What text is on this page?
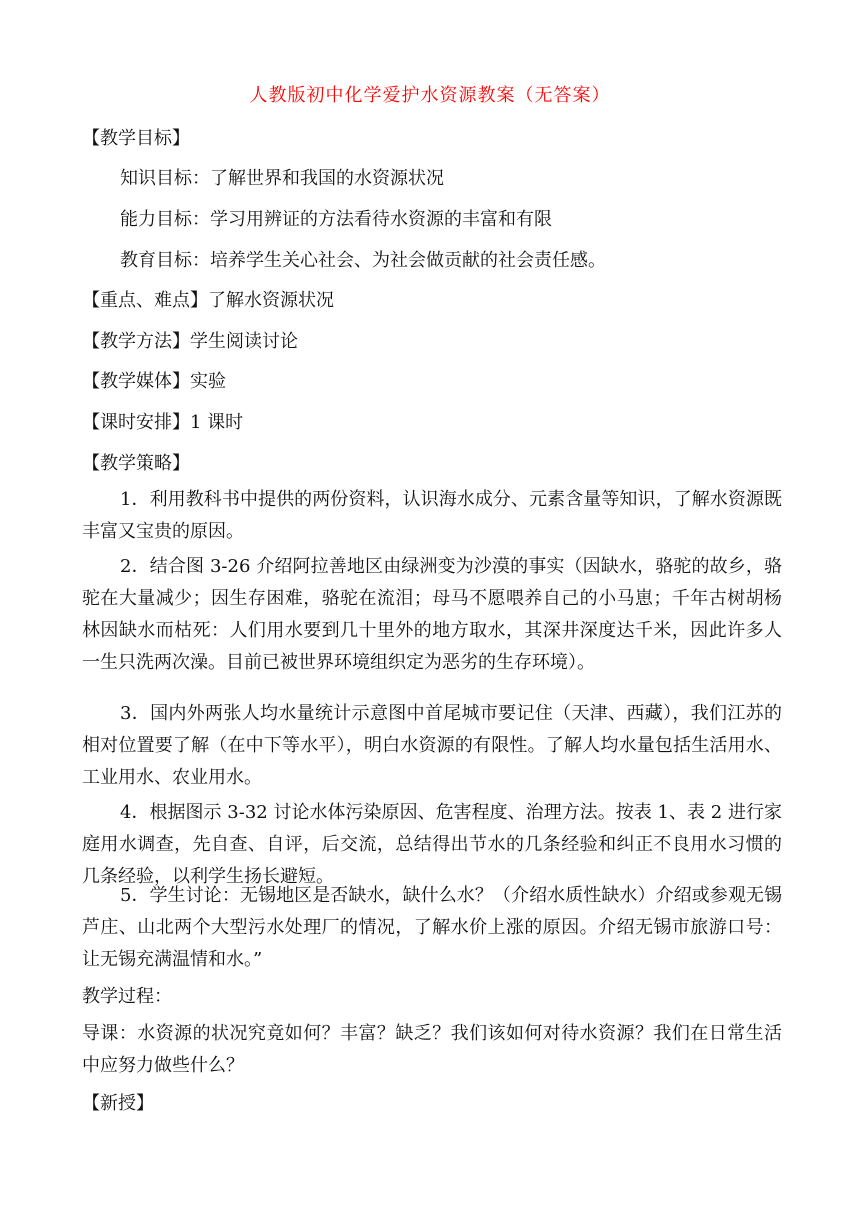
人教版初中化学爱护水资源教案（无答案）
【教学目标】
知识目标：了解世界和我国的水资源状况
能力目标：学习用辨证的方法看待水资源的丰富和有限
教育目标：培养学生关心社会、为社会做贡献的社会责任感。
【重点、难点】了解水资源状况
【教学方法】学生阅读讨论
【教学媒体】实验
【课时安排】1 课时
【教学策略】
1．利用教科书中提供的两份资料，认识海水成分、元素含量等知识，了解水资源既丰富又宝贵的原因。
2．结合图 3-26 介绍阿拉善地区由绿洲变为沙漠的事实（因缺水，骆驼的故乡，骆驼在大量减少；因生存困难，骆驼在流泪；母马不愿喂养自己的小马崽；千年古树胡杨林因缺水而枯死：人们用水要到几十里外的地方取水，其深井深度达千米，因此许多人一生只洗两次澡。目前已被世界环境组织定为恶劣的生存环境）。
3．国内外两张人均水量统计示意图中首尾城市要记住（天津、西藏），我们江苏的相对位置要了解（在中下等水平），明白水资源的有限性。了解人均水量包括生活用水、工业用水、农业用水。
4．根据图示 3-32 讨论水体污染原因、危害程度、治理方法。按表 1、表 2 进行家庭用水调查，先自查、自评，后交流，总结得出节水的几条经验和纠正不良用水习惯的几条经验，以利学生扬长避短。
5．学生讨论：无锡地区是否缺水，缺什么水？（介绍水质性缺水）介绍或参观无锡芦庄、山北两个大型污水处理厂的情况，了解水价上涨的原因。介绍无锡市旅游口号：让无锡充满温情和水。”
教学过程：
导课：水资源的状况究竟如何？丰富？缺乏？我们该如何对待水资源？我们在日常生活中应努力做些什么？
【新授】
